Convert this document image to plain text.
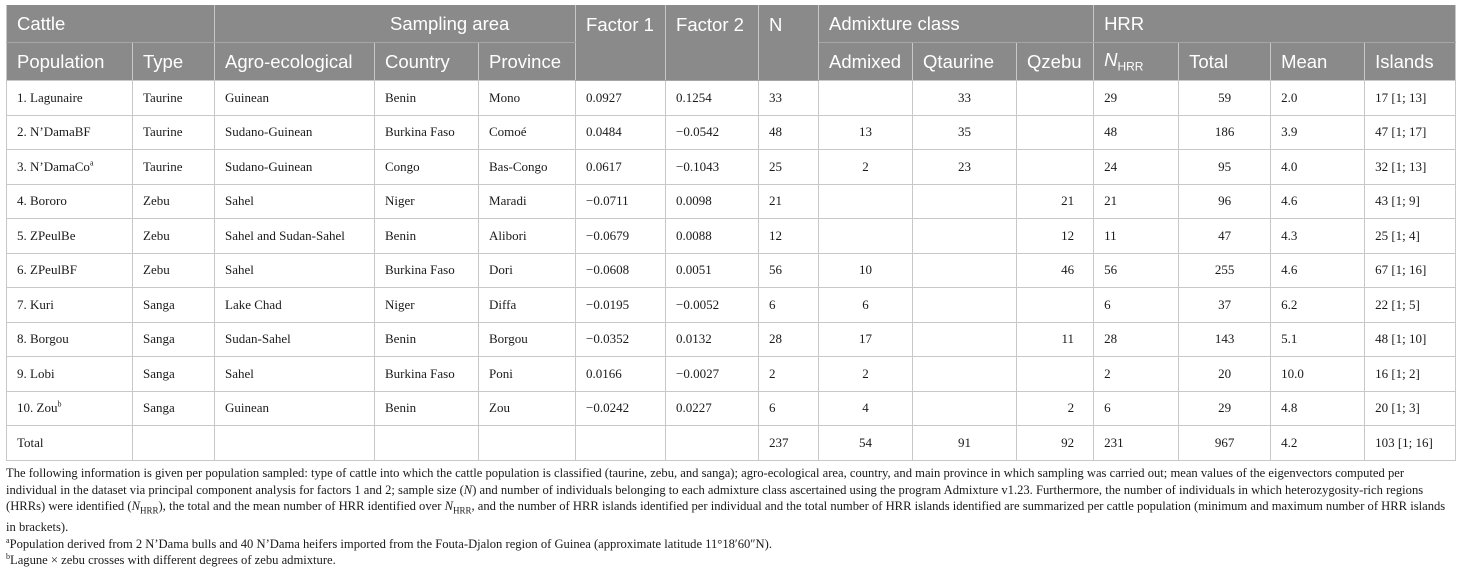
Cattle		Sampling area			Factor 1	Factor 2	N	Admixture class			HRR			
Population	Type	Agro-ecological	Country	Province				Admixed	Qtaurine	Qzebu	$N_{HRR}$	Total	Mean	Islands
1. Lagunaire	Taurine	Guinean	Benin	Mono	0.0927	0.1254	33		33		29	59	2.0	17 [1; 13]
2. N’DamaBF	Taurine	Sudano-Guinean	Burkina Faso	Comoé	0.0484	−0.0542	48	13	35		48	186	3.9	47 [1; 17]
3. N’DamaCo$^a$	Taurine	Sudano-Guinean	Congo	Bas-Congo	0.0617	−0.1043	25	2	23		24	95	4.0	32 [1; 13]
4. Bororo	Zebu	Sahel	Niger	Maradi	−0.0711	0.0098	21			21	21	96	4.6	43 [1; 9]
5. ZPeulBe	Zebu	Sahel and Sudan-Sahel	Benin	Alibori	−0.0679	0.0088	12			12	11	47	4.3	25 [1; 4]
6. ZPeulBF	Zebu	Sahel	Burkina Faso	Dori	−0.0608	0.0051	56	10		46	56	255	4.6	67 [1; 16]
7. Kuri	Sanga	Lake Chad	Niger	Diffa	−0.0195	−0.0052	6	6			6	37	6.2	22 [1; 5]
8. Borgou	Sanga	Sudan-Sahel	Benin	Borgou	−0.0352	0.0132	28	17		11	28	143	5.1	48 [1; 10]
9. Lobi	Sanga	Sahel	Burkina Faso	Poni	0.0166	−0.0027	2	2			2	20	10.0	16 [1; 2]
10. Zou$^b$	Sanga	Guinean	Benin	Zou	−0.0242	0.0227	6	4		2	6	29	4.8	20 [1; 3]
Total							237	54	91	92	231	967	4.2	103 [1; 16]

The following information is given per population sampled: type of cattle into which the cattle population is classified (taurine, zebu, and sanga); agro-ecological area, country, and main province in which sampling was carried out; mean values of the eigenvectors computed per individual in the dataset via principal component analysis for factors 1 and 2; sample size (N) and number of individuals belonging to each admixture class ascertained using the program Admixture v1.23. Furthermore, the number of individuals in which heterozygosity-rich regions (HRRs) were identified $(N_{HRR})$, the total and the mean number of HRR identified over $N_{HRR}$, and the number of HRR islands identified per individual and the total number of HRR islands identified are summarized per cattle population (minimum and maximum number of HRR islands in brackets).

$^a$Population derived from 2 N’Dama bulls and 40 N’Dama heifers imported from the Fouta-Djalon region of Guinea (approximate latitude 11°18′60″N).

$^b$Lagune × zebu crosses with different degrees of zebu admixture.
